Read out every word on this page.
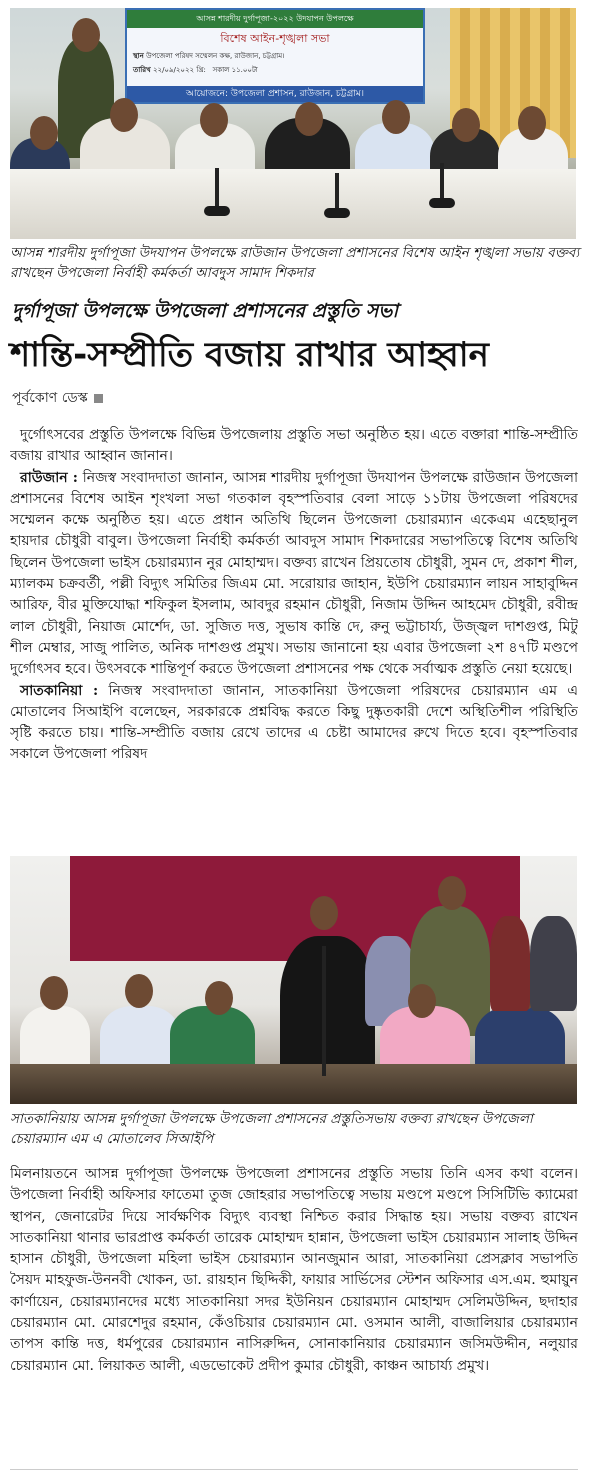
আসন্ন শারদীয় দুর্গাপূজা-২০২২ উদযাপন উপলক্ষে
বিশেষ আইন-শৃঙ্খলা সভা
স্থান উপজেলা পরিষদ সম্মেলন কক্ষ, রাউজান, চট্টগ্রাম।
তারিখ ২২/০৯/২০২২ খ্রি: সকাল ১১.০০টা
আয়োজনে: উপজেলা প্রশাসন, রাউজান, চট্টগ্রাম।

আসন্ন শারদীয় দুর্গাপূজা উদযাপন উপলক্ষে রাউজান উপজেলা প্রশাসনের বিশেষ আইন শৃঙ্খলা সভায় বক্তব্য রাখছেন উপজেলা নির্বাহী কর্মকর্তা আবদুস সামাদ শিকদার

দুর্গাপূজা উপলক্ষে উপজেলা প্রশাসনের প্রস্তুতি সভা
শান্তি-সম্প্রীতি বজায় রাখার আহ্বান
পূর্বকোণ ডেস্ক

দুর্গোৎসবের প্রস্তুতি উপলক্ষে বিভিন্ন উপজেলায় প্রস্তুতি সভা অনুষ্ঠিত হয়। এতে বক্তারা শান্তি-সম্প্রীতি বজায় রাখার আহ্বান জানান।

রাউজান : নিজস্ব সংবাদদাতা জানান, আসন্ন শারদীয় দুর্গাপূজা উদযাপন উপলক্ষে রাউজান উপজেলা প্রশাসনের বিশেষ আইন শৃংখলা সভা গতকাল বৃহস্পতিবার বেলা সাড়ে ১১টায় উপজেলা পরিষদের সম্মেলন কক্ষে অনুষ্ঠিত হয়। এতে প্রধান অতিথি ছিলেন উপজেলা চেয়ারম্যান একেএম এহেছানুল হায়দার চৌধুরী বাবুল। উপজেলা নির্বাহী কর্মকর্তা আবদুস সামাদ শিকদারের সভাপতিত্বে বিশেষ অতিথি ছিলেন উপজেলা ভাইস চেয়ারম্যান নুর মোহাম্মদ। বক্তব্য রাখেন প্রিয়তোষ চৌধুরী, সুমন দে, প্রকাশ শীল, ম্যালকম চক্রবর্তী, পল্লী বিদ্যুৎ সমিতির জিএম মো. সরোয়ার জাহান, ইউপি চেয়ারম্যান লায়ন সাহাবুদ্দিন আরিফ, বীর মুক্তিযোদ্ধা শফিকুল ইসলাম, আবদুর রহমান চৌধুরী, নিজাম উদ্দিন আহমেদ চৌধুরী, রবীন্দ্র লাল চৌধুরী, নিয়াজ মোর্শেদ, ডা. সুজিত দত্ত, সুভাষ কান্তি দে, রুনু ভট্টাচার্য্য, উজ্জ্বল দাশগুপ্ত, মিটু শীল মেম্বার, সাজু পালিত, অনিক দাশগুপ্ত প্রমুখ। সভায় জানানো হয় এবার উপজেলা ২শ ৪৭টি মণ্ডপে দুর্গোৎসব হবে। উৎসবকে শান্তিপূর্ণ করতে উপজেলা প্রশাসনের পক্ষ থেকে সর্বাত্মক প্রস্তুতি নেয়া হয়েছে।

সাতকানিয়া : নিজস্ব সংবাদদাতা জানান, সাতকানিয়া উপজেলা পরিষদের চেয়ারম্যান এম এ মোতালেব সিআইপি বলেছেন, সরকারকে প্রশ্নবিদ্ধ করতে কিছু দুষ্কৃতকারী দেশে অস্থিতিশীল পরিস্থিতি সৃষ্টি করতে চায়। শান্তি-সম্প্রীতি বজায় রেখে তাদের এ চেষ্টা আমাদের রুখে দিতে হবে। বৃহস্পতিবার সকালে উপজেলা পরিষদ

সাতকানিয়ায় আসন্ন দুর্গাপূজা উপলক্ষে উপজেলা প্রশাসনের প্রস্তুতিসভায় বক্তব্য রাখছেন উপজেলা চেয়ারম্যান এম এ মোতালেব সিআইপি

মিলনায়তনে আসন্ন দুর্গাপূজা উপলক্ষে উপজেলা প্রশাসনের প্রস্তুতি সভায় তিনি এসব কথা বলেন। উপজেলা নির্বাহী অফিসার ফাতেমা তুজ জোহরার সভাপতিত্বে সভায় মণ্ডপে মণ্ডপে সিসিটিভি ক্যামেরা স্থাপন, জেনারেটর দিয়ে সার্বক্ষণিক বিদ্যুৎ ব্যবস্থা নিশ্চিত করার সিদ্ধান্ত হয়। সভায় বক্তব্য রাখেন সাতকানিয়া থানার ভারপ্রাপ্ত কর্মকর্তা তারেক মোহাম্মদ হান্নান, উপজেলা ভাইস চেয়ারম্যান সালাহ উদ্দিন হাসান চৌধুরী, উপজেলা মহিলা ভাইস চেয়ারম্যান আনজুমান আরা, সাতকানিয়া প্রেসক্লাব সভাপতি সৈয়দ মাহফুজ-উননবী খোকন, ডা. রায়হান ছিদ্দিকী, ফায়ার সার্ভিসের স্টেশন অফিসার এস.এম. হুমায়ুন কার্ণায়েন, চেয়ারম্যানদের মধ্যে সাতকানিয়া সদর ইউনিয়ন চেয়ারম্যান মোহাম্মদ সেলিমউদ্দিন, ছদাহার চেয়ারম্যান মো. মোরশেদুর রহমান, কেঁওচিয়ার চেয়ারম্যান মো. ওসমান আলী, বাজালিয়ার চেয়ারম্যান তাপস কান্তি দত্ত, ধর্মপুরের চেয়ারম্যান নাসিরুদ্দিন, সোনাকানিয়ার চেয়ারম্যান জসিমউদ্দীন, নলুয়ার চেয়ারম্যান মো. লিয়াকত আলী, এডভোকেট প্রদীপ কুমার চৌধুরী, কাঞ্চন আচার্য্য প্রমুখ।
